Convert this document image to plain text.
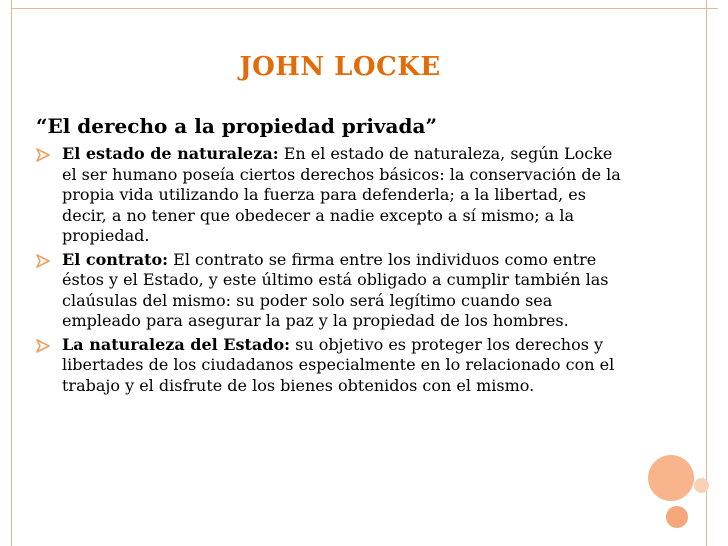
JOHN LOCKE
“El derecho a la propiedad privada”
El estado de naturaleza: En el estado de naturaleza, según Locke el ser humano poseía ciertos derechos básicos: la conservación de la propia vida utilizando la fuerza para defenderla; a la libertad, es decir, a no tener que obedecer a nadie excepto a sí mismo; a la propiedad.
El contrato: El contrato se firma entre los individuos como entre éstos y el Estado, y este último está obligado a cumplir también las claúsulas del mismo: su poder solo será legítimo cuando sea empleado para asegurar la paz y la propiedad de los hombres.
La naturaleza del Estado: su objetivo es proteger los derechos y libertades de los ciudadanos especialmente en lo relacionado con el trabajo y el disfrute de los bienes obtenidos con el mismo.
